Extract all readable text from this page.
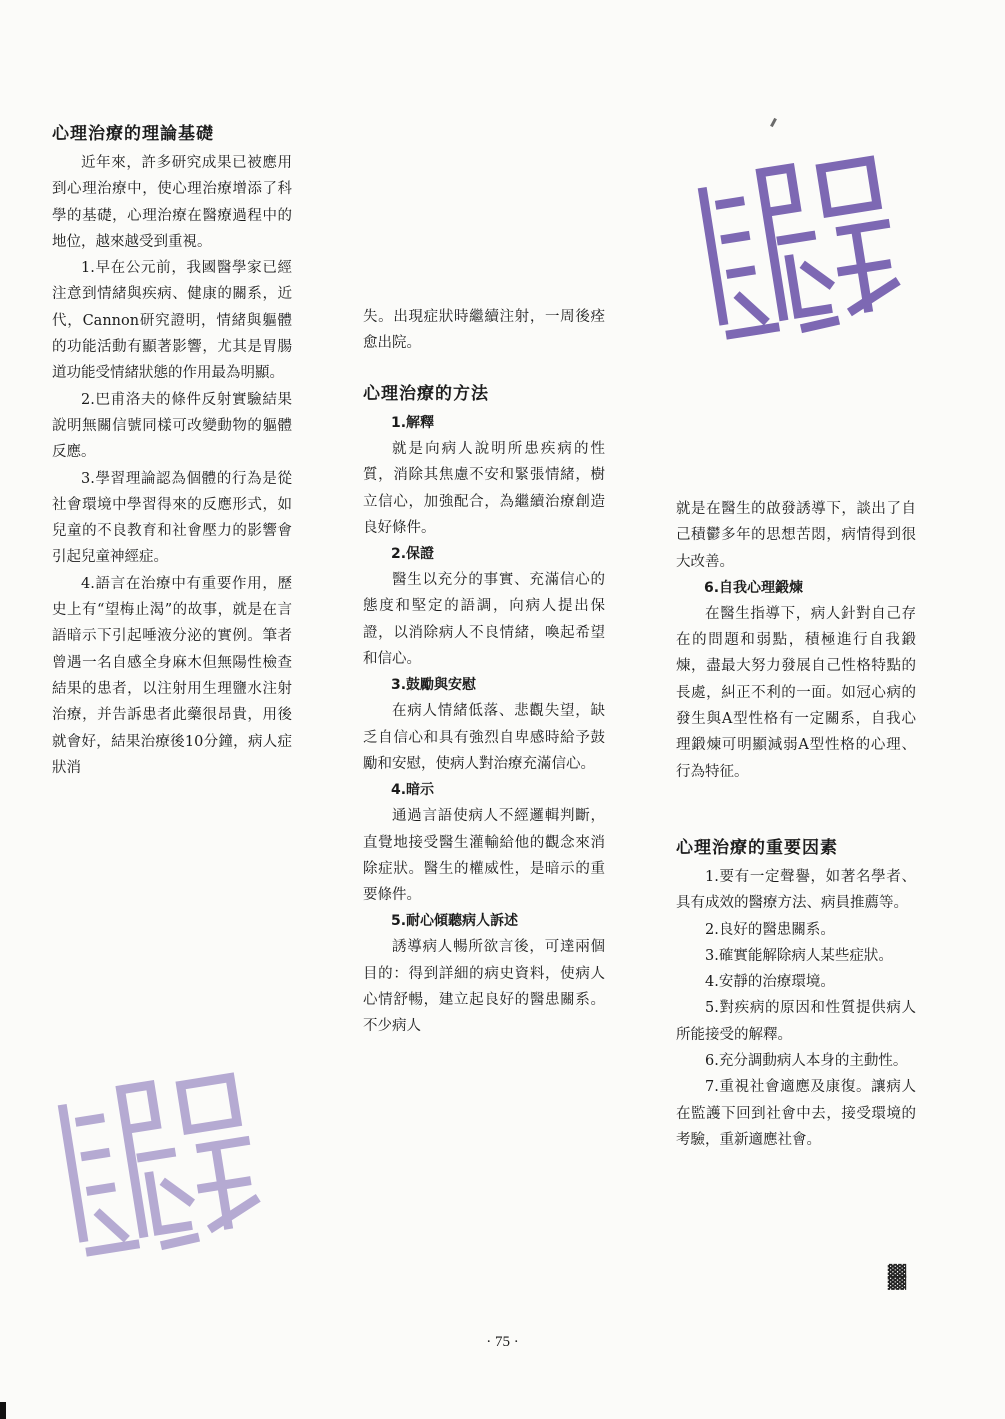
心理治療的理論基礎

近年來，許多研究成果已被應用到心理治療中，使心理治療增添了科學的基礎，心理治療在醫療過程中的地位，越來越受到重視。

1.早在公元前，我國醫學家已經注意到情緒與疾病、健康的關系，近代，Cannon研究證明，情緒與軀體的功能活動有顯著影響，尤其是胃腸道功能受情緒狀態的作用最為明顯。

2.巴甫洛夫的條件反射實驗結果說明無關信號同樣可改變動物的軀體反應。

3.學習理論認為個體的行為是從社會環境中學習得來的反應形式，如兒童的不良教育和社會壓力的影響會引起兒童神經症。

4.語言在治療中有重要作用，歷史上有“望梅止渴”的故事，就是在言語暗示下引起唾液分泌的實例。筆者曾遇一名自感全身麻木但無陽性檢查結果的患者，以注射用生理鹽水注射治療，并告訴患者此藥很昂貴，用後就會好，結果治療後10分鐘，病人症狀消

失。出現症狀時繼續注射，一周後痊愈出院。

心理治療的方法
1.解釋

就是向病人說明所患疾病的性質，消除其焦慮不安和緊張情緒，樹立信心，加強配合，為繼續治療創造良好條件。

2.保證

醫生以充分的事實、充滿信心的態度和堅定的語調，向病人提出保證，以消除病人不良情緒，喚起希望和信心。

3.鼓勵與安慰

在病人情緒低落、悲觀失望，缺乏自信心和具有強烈自卑感時給予鼓勵和安慰，使病人對治療充滿信心。

4.暗示

通過言語使病人不經邏輯判斷，直覺地接受醫生灌輸給他的觀念來消除症狀。醫生的權威性，是暗示的重要條件。

5.耐心傾聽病人訴述

誘導病人暢所欲言後，可達兩個目的：得到詳細的病史資料，使病人心情舒暢，建立起良好的醫患關系。不少病人

就是在醫生的啟發誘導下，談出了自己積鬱多年的思想苦悶，病情得到很大改善。

6.自我心理鍛煉

在醫生指導下，病人針對自己存在的問題和弱點，積極進行自我鍛煉，盡最大努力發展自己性格特點的長處，糾正不利的一面。如冠心病的發生與A型性格有一定關系，自我心理鍛煉可明顯減弱A型性格的心理、行為特征。

心理治療的重要因素

1.要有一定聲譽，如著名學者、具有成效的醫療方法、病員推薦等。

2.良好的醫患關系。

3.確實能解除病人某些症狀。

4.安靜的治療環境。

5.對疾病的原因和性質提供病人所能接受的解釋。

6.充分調動病人本身的主動性。

7.重視社會適應及康復。讓病人在監護下回到社會中去，接受環境的考驗，重新適應社會。

▓▓
▓▓
· 75 ·
